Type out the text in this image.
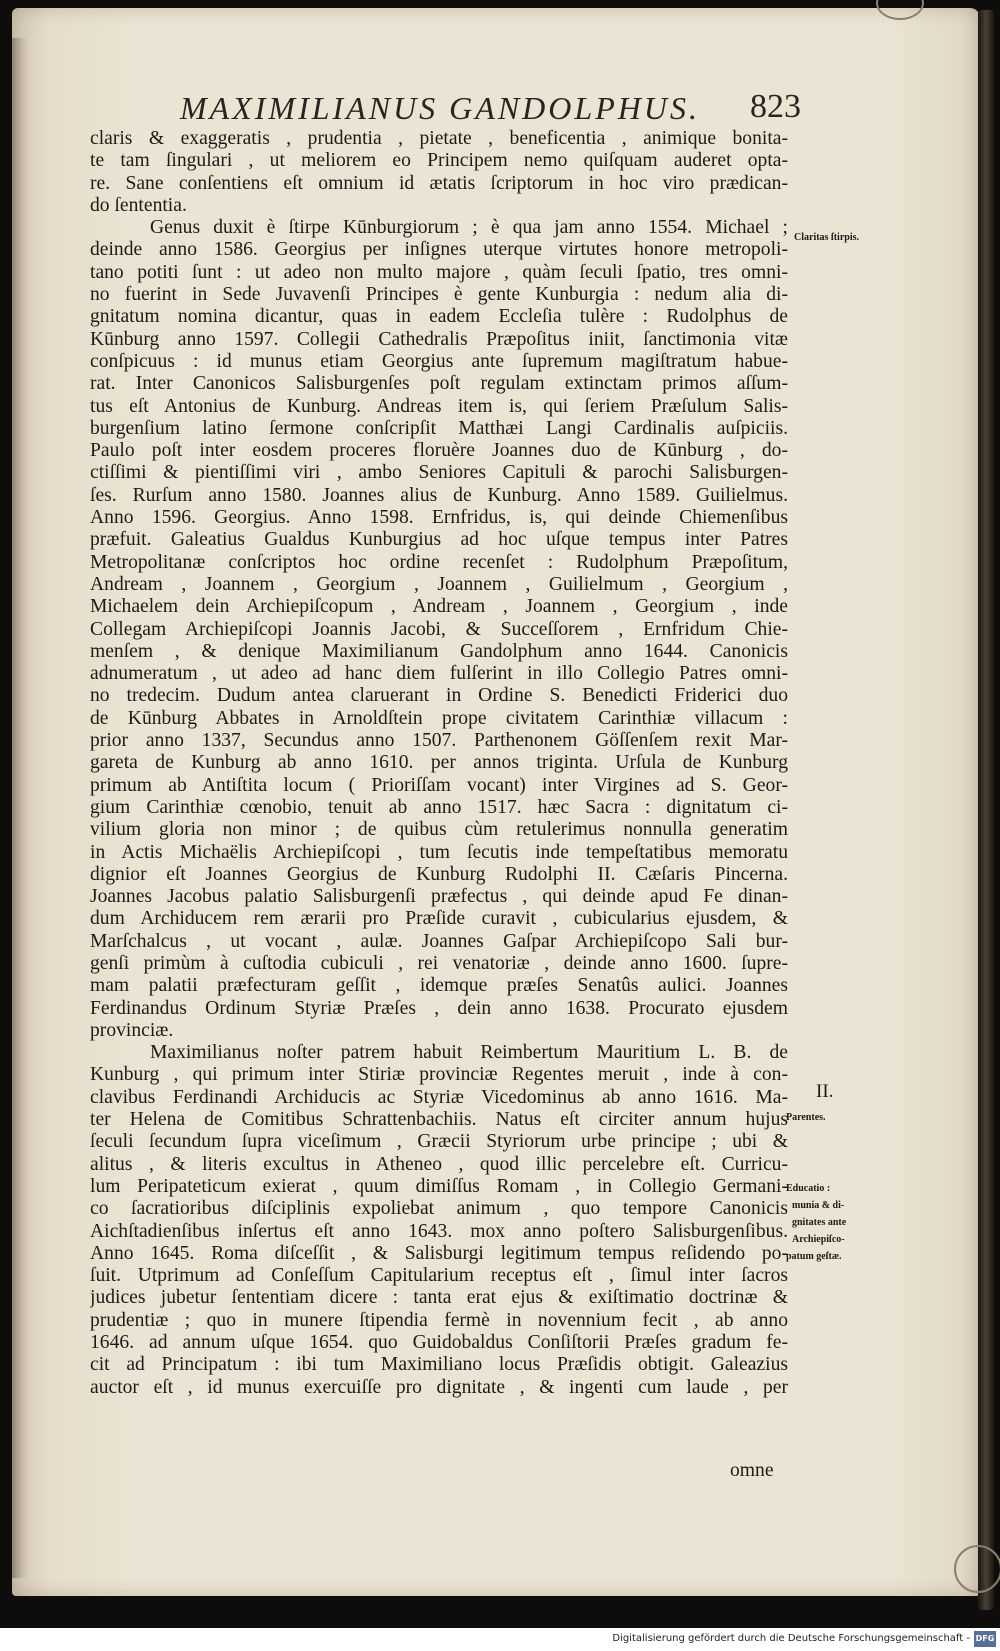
MAXIMILIANUS GANDOLPHUS. 823
claris & exaggeratis , prudentia , pietate , beneficentia , animique bonita-
te tam ſingulari , ut meliorem eo Principem nemo quiſquam auderet opta-
re. Sane conſentiens eſt omnium id ætatis ſcriptorum in hoc viro prædican-
do ſententia.
Genus duxit è ſtirpe Kūnburgiorum ; è qua jam anno 1554. Michael ;
deinde anno 1586. Georgius per inſignes uterque virtutes honore metropoli-
tano potiti ſunt : ut adeo non multo majore , quàm ſeculi ſpatio, tres omni-
no fuerint in Sede Juvavenſi Principes è gente Kunburgia : nedum alia di-
gnitatum nomina dicantur, quas in eadem Eccleſia tulère : Rudolphus de
Kūnburg anno 1597. Collegii Cathedralis Præpoſitus iniit, ſanctimonia vitæ
conſpicuus : id munus etiam Georgius ante ſupremum magiſtratum habue-
rat. Inter Canonicos Salisburgenſes poſt regulam extinctam primos aſſum-
tus eſt Antonius de Kunburg. Andreas item is, qui ſeriem Præſulum Salis-
burgenſium latino ſermone conſcripſit Matthæi Langi Cardinalis auſpiciis.
Paulo poſt inter eosdem proceres floruère Joannes duo de Kūnburg , do-
ctiſſimi & pientiſſimi viri , ambo Seniores Capituli & parochi Salisburgen-
ſes. Rurſum anno 1580. Joannes alius de Kunburg. Anno 1589. Guilielmus.
Anno 1596. Georgius. Anno 1598. Ernfridus, is, qui deinde Chiemenſibus
præfuit. Galeatius Gualdus Kunburgius ad hoc uſque tempus inter Patres
Metropolitanæ conſcriptos hoc ordine recenſet : Rudolphum Præpoſitum,
Andream , Joannem , Georgium , Joannem , Guilielmum , Georgium ,
Michaelem dein Archiepiſcopum , Andream , Joannem , Georgium , inde
Collegam Archiepiſcopi Joannis Jacobi, & Succeſſorem , Ernfridum Chie-
menſem , & denique Maximilianum Gandolphum anno 1644. Canonicis
adnumeratum , ut adeo ad hanc diem fulſerint in illo Collegio Patres omni-
no tredecim. Dudum antea claruerant in Ordine S. Benedicti Friderici duo
de Kūnburg Abbates in Arnoldſtein prope civitatem Carinthiæ villacum :
prior anno 1337, Secundus anno 1507. Parthenonem Göſſenſem rexit Mar-
gareta de Kunburg ab anno 1610. per annos triginta. Urſula de Kunburg
primum ab Antiſtita locum ( Prioriſſam vocant) inter Virgines ad S. Geor-
gium Carinthiæ cœnobio, tenuit ab anno 1517. hæc Sacra : dignitatum ci-
vilium gloria non minor ; de quibus cùm retulerimus nonnulla generatim
in Actis Michaëlis Archiepiſcopi , tum ſecutis inde tempeſtatibus memoratu
dignior eſt Joannes Georgius de Kunburg Rudolphi II. Cæſaris Pincerna.
Joannes Jacobus palatio Salisburgenſi præfectus , qui deinde apud Fe dinan-
dum Archiducem rem ærarii pro Præſide curavit , cubicularius ejusdem, &
Marſchalcus , ut vocant , aulæ. Joannes Gaſpar Archiepiſcopo Sali bur-
genſi primùm à cuſtodia cubiculi , rei venatoriæ , deinde anno 1600. ſupre-
mam palatii præfecturam geſſit , idemque præſes Senatûs aulici. Joannes
Ferdinandus Ordinum Styriæ Præſes , dein anno 1638. Procurato ejusdem
provinciæ.
Maximilianus noſter patrem habuit Reimbertum Mauritium L. B. de
Kunburg , qui primum inter Stiriæ provinciæ Regentes meruit , inde à con-
clavibus Ferdinandi Archiducis ac Styriæ Vicedominus ab anno 1616. Ma-
ter Helena de Comitibus Schrattenbachiis. Natus eſt circiter annum hujus
ſeculi ſecundum ſupra viceſimum , Græcii Styriorum urbe principe ; ubi &
alitus , & literis excultus in Atheneo , quod illic percelebre eſt. Curricu-
lum Peripateticum exierat , quum dimiſſus Romam , in Collegio Germani-
co ſacratioribus diſciplinis expoliebat animum , quo tempore Canonicis
Aichſtadienſibus inſertus eſt anno 1643. mox anno poſtero Salisburgenſibus.
Anno 1645. Roma diſceſſit , & Salisburgi legitimum tempus reſidendo po-
ſuit. Utprimum ad Conſeſſum Capitularium receptus eſt , ſimul inter ſacros
judices jubetur ſententiam dicere : tanta erat ejus & exiſtimatio doctrinæ &
prudentiæ ; quo in munere ſtipendia fermè in novennium fecit , ab anno
1646. ad annum uſque 1654. quo Guidobaldus Conſiſtorii Præſes gradum fe-
cit ad Principatum : ibi tum Maximiliano locus Præſidis obtigit. Galeazius
auctor eſt , id munus exercuiſſe pro dignitate , & ingenti cum laude , per
Claritas ſtirpis.
II.
Parentes.
Educatio :
munia & di-
gnitates ante
Archiepiſco-
patum geſtæ.
omne
Digitalisierung gefördert durch die Deutsche Forschungsgemeinschaft - DFG
